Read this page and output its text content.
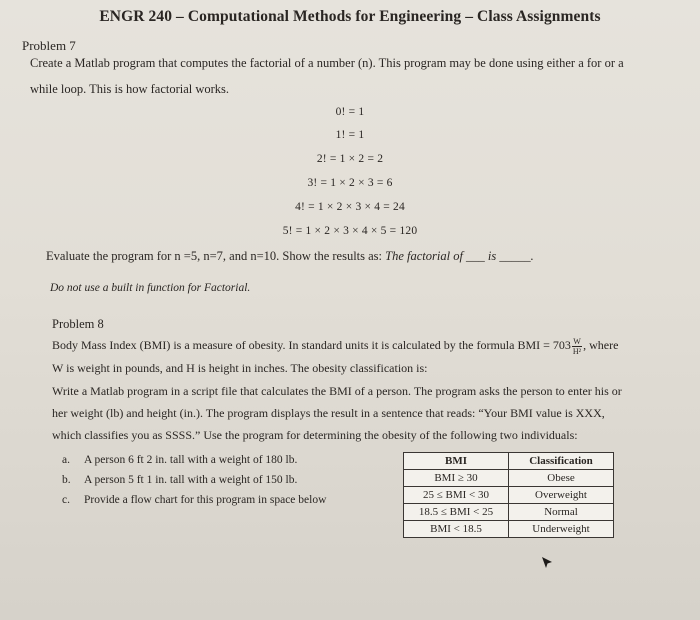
ENGR 240 – Computational Methods for Engineering – Class Assignments
Problem 7
Create a Matlab program that computes the factorial of a number (n). This program may be done using either a for or a
while loop. This is how factorial works.
0! = 1
1! = 1
2! = 1 × 2 = 2
3! = 1 × 2 × 3 = 6
4! = 1 × 2 × 3 × 4 = 24
5! = 1 × 2 × 3 × 4 × 5 = 120
Evaluate the program for n =5, n=7, and n=10. Show the results as: The factorial of ___ is _____.
Do not use a built in function for Factorial.
Problem 8
Body Mass Index (BMI) is a measure of obesity. In standard units it is calculated by the formula BMI = $703 \frac{W}{\text{H²}}$ , where
W is weight in pounds, and H is height in inches. The obesity classification is:
Write a Matlab program in a script file that calculates the BMI of a person. The program asks the person to enter his or
her weight (lb) and height (in.). The program displays the result in a sentence that reads: “Your BMI value is XXX,
which classifies you as SSSS.” Use the program for determining the obesity of the following two individuals:
a. A person 6 ft 2 in. tall with a weight of 180 lb.
b. A person 5 ft 1 in. tall with a weight of 150 lb.
c. Provide a flow chart for this program in space below
BMI	Classification
BMI ≥ 30	Obese
25 ≤ BMI < 30	Overweight
18.5 ≤ BMI < 25	Normal
BMI < 18.5	Underweight
